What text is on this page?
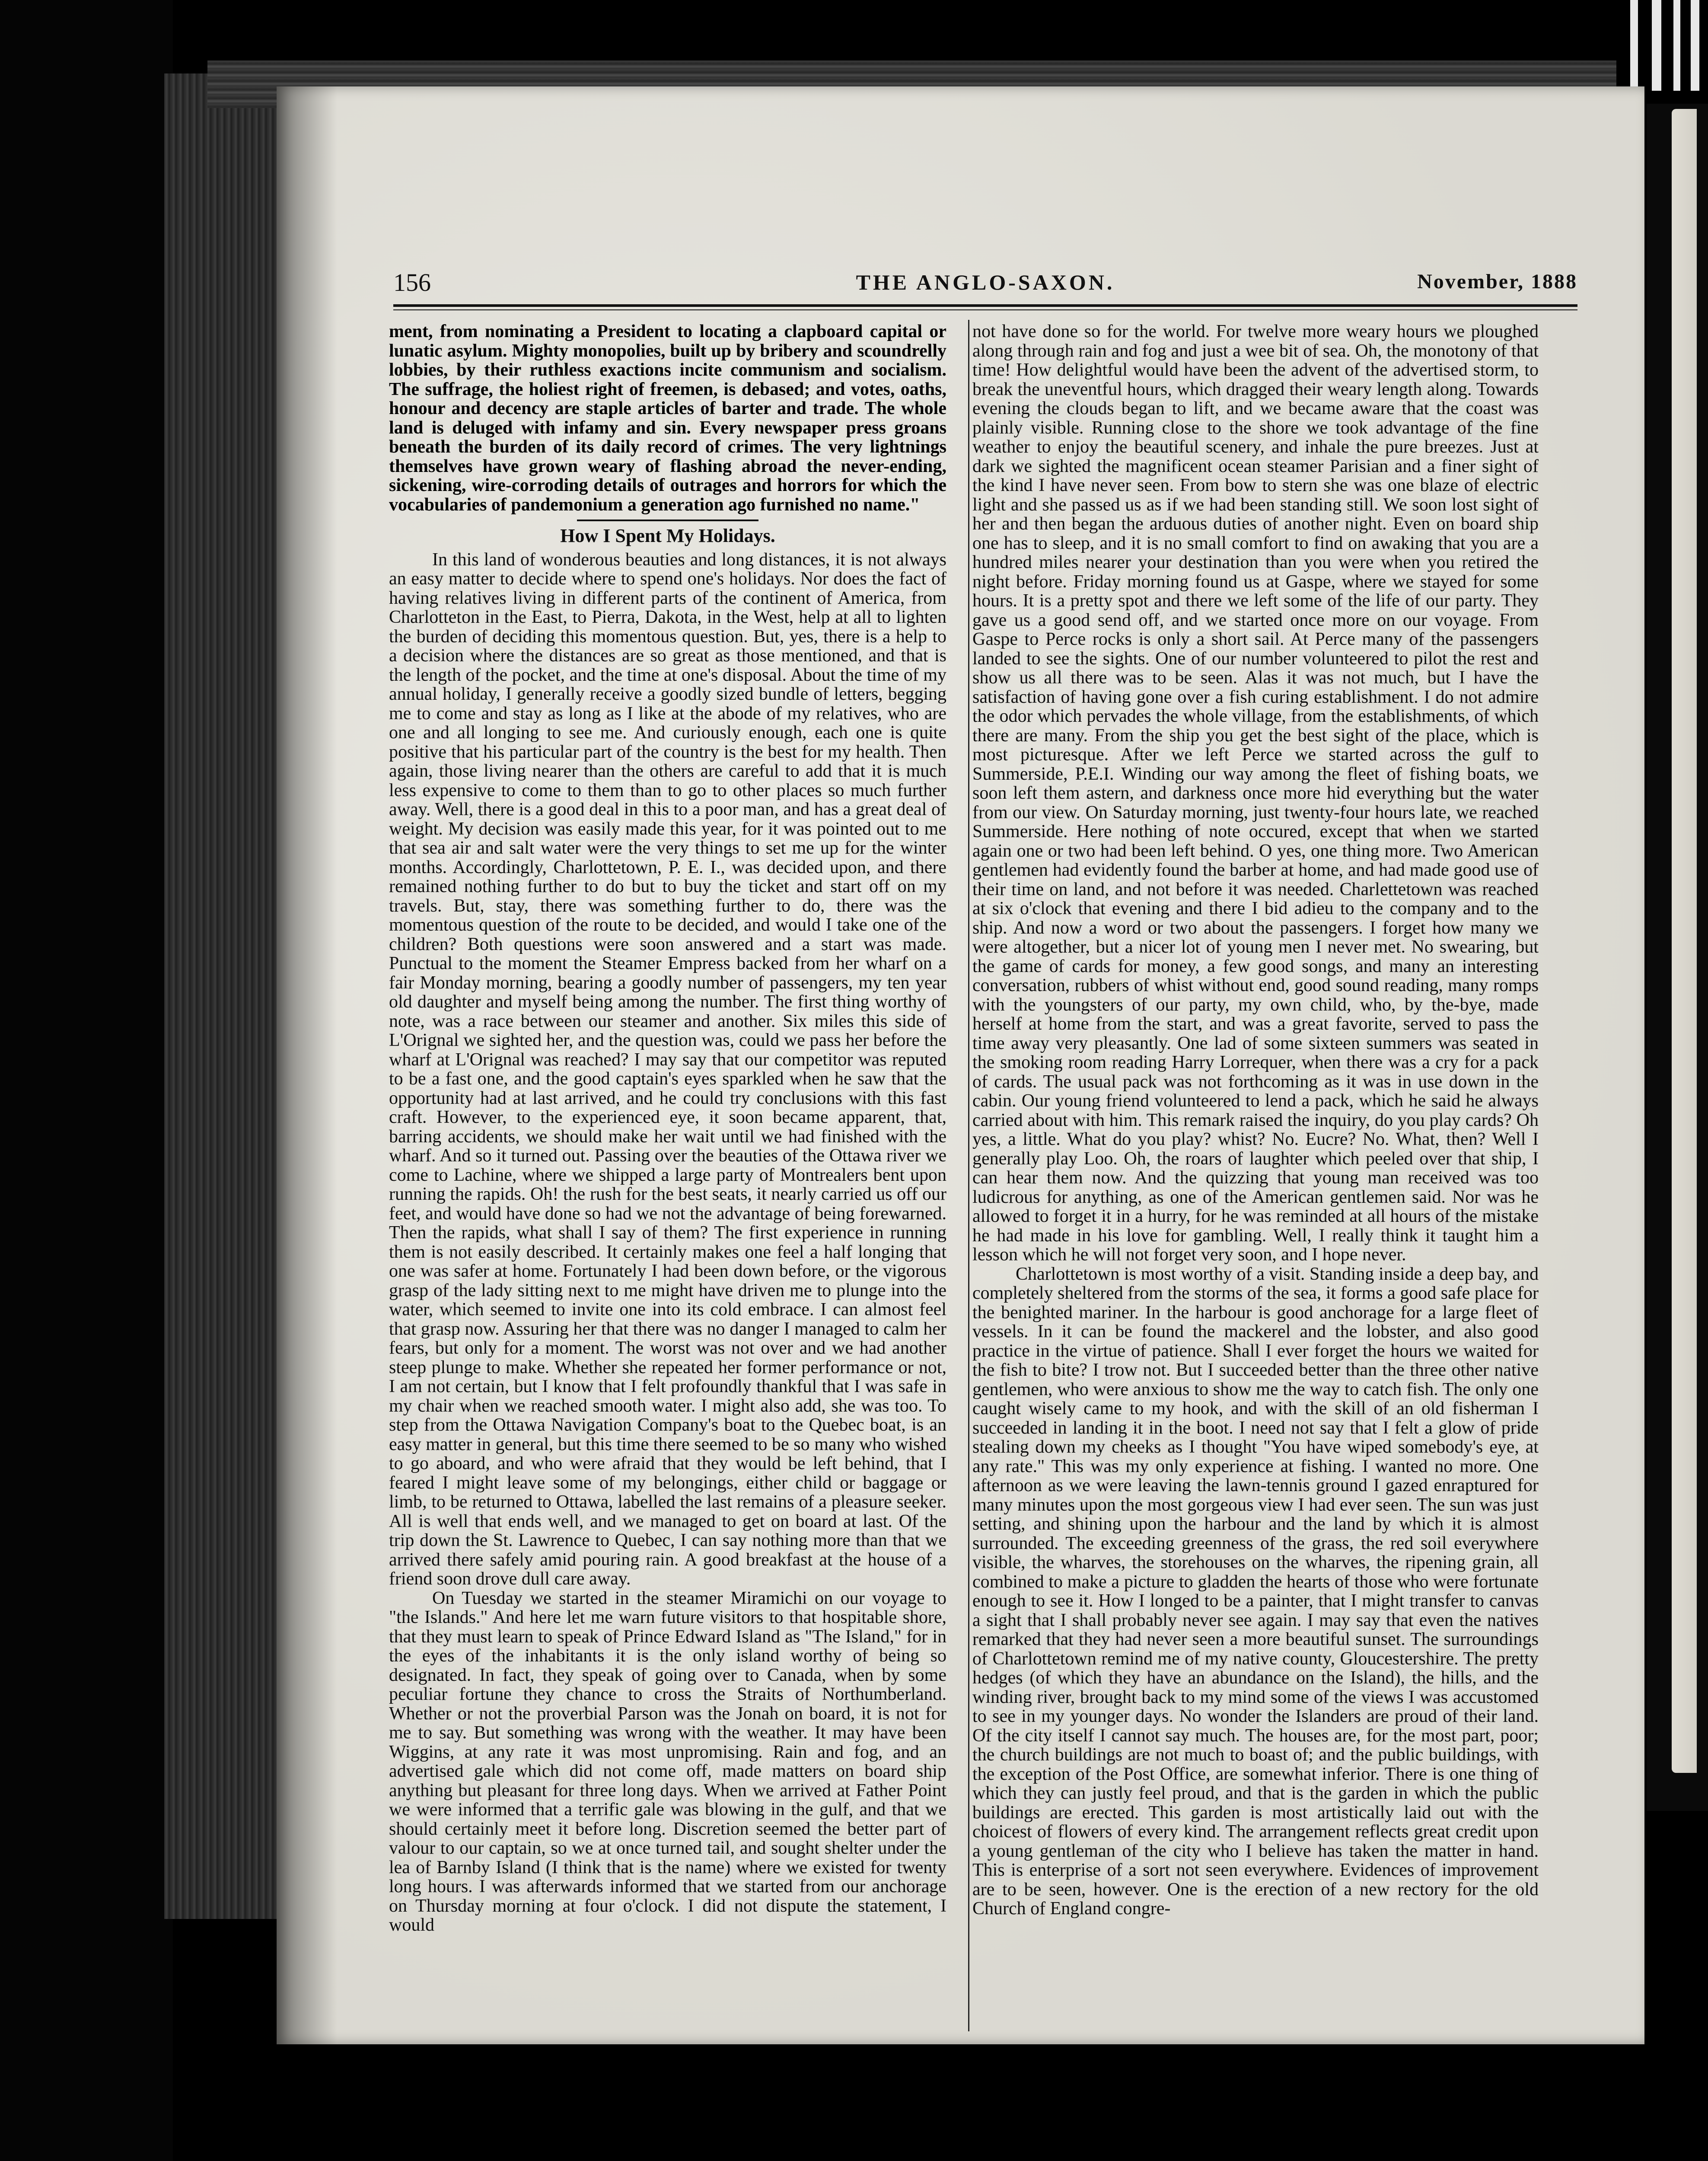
156	THE ANGLO-SAXON.	November, 1888

ment, from nominating a President to locating a clapboard capital or lunatic asylum. Mighty monopolies, built up by bribery and scoundrelly lobbies, by their ruthless exactions incite communism and socialism. The suffrage, the holiest right of freemen, is debased; and votes, oaths, honour and decency are staple articles of barter and trade. The whole land is deluged with infamy and sin. Every newspaper press groans beneath the burden of its daily record of crimes. The very lightnings themselves have grown weary of flashing abroad the never-ending, sickening, wire-corroding details of outrages and horrors for which the vocabularies of pandemonium a generation ago furnished no name."

How I Spent My Holidays.

In this land of wonderous beauties and long distances, it is not always an easy matter to decide where to spend one's holidays. Nor does the fact of having relatives living in different parts of the continent of America, from Charlotteton in the East, to Pierra, Dakota, in the West, help at all to lighten the burden of deciding this momentous question. But, yes, there is a help to a decision where the distances are so great as those mentioned, and that is the length of the pocket, and the time at one's disposal. About the time of my annual holiday, I generally receive a goodly sized bundle of letters, begging me to come and stay as long as I like at the abode of my relatives, who are one and all longing to see me. And curiously enough, each one is quite positive that his particular part of the country is the best for my health. Then again, those living nearer than the others are careful to add that it is much less expensive to come to them than to go to other places so much further away. Well, there is a good deal in this to a poor man, and has a great deal of weight. My decision was easily made this year, for it was pointed out to me that sea air and salt water were the very things to set me up for the winter months. Accordingly, Charlottetown, P. E. I., was decided upon, and there remained nothing further to do but to buy the ticket and start off on my travels. But, stay, there was something further to do, there was the momentous question of the route to be decided, and would I take one of the children? Both questions were soon answered and a start was made. Punctual to the moment the Steamer Empress backed from her wharf on a fair Monday morning, bearing a goodly number of passengers, my ten year old daughter and myself being among the number. The first thing worthy of note, was a race between our steamer and another. Six miles this side of L'Orignal we sighted her, and the question was, could we pass her before the wharf at L'Orignal was reached? I may say that our competitor was reputed to be a fast one, and the good captain's eyes sparkled when he saw that the opportunity had at last arrived, and he could try conclusions with this fast craft. However, to the experienced eye, it soon became apparent, that, barring accidents, we should make her wait until we had finished with the wharf. And so it turned out. Passing over the beauties of the Ottawa river we come to Lachine, where we shipped a large party of Montrealers bent upon running the rapids. Oh! the rush for the best seats, it nearly carried us off our feet, and would have done so had we not the advantage of being forewarned. Then the rapids, what shall I say of them? The first experience in running them is not easily described. It certainly makes one feel a half longing that one was safer at home. Fortunately I had been down before, or the vigorous grasp of the lady sitting next to me might have driven me to plunge into the water, which seemed to invite one into its cold embrace. I can almost feel that grasp now. Assuring her that there was no danger I managed to calm her fears, but only for a moment. The worst was not over and we had another steep plunge to make. Whether she repeated her former performance or not, I am not certain, but I know that I felt profoundly thankful that I was safe in my chair when we reached smooth water. I might also add, she was too. To step from the Ottawa Navigation Company's boat to the Quebec boat, is an easy matter in general, but this time there seemed to be so many who wished to go aboard, and who were afraid that they would be left behind, that I feared I might leave some of my belongings, either child or baggage or limb, to be returned to Ottawa, labelled the last remains of a pleasure seeker. All is well that ends well, and we managed to get on board at last. Of the trip down the St. Lawrence to Quebec, I can say nothing more than that we arrived there safely amid pouring rain. A good breakfast at the house of a friend soon drove dull care away.

On Tuesday we started in the steamer Miramichi on our voyage to "the Islands." And here let me warn future visitors to that hospitable shore, that they must learn to speak of Prince Edward Island as "The Island," for in the eyes of the inhabitants it is the only island worthy of being so designated. In fact, they speak of going over to Canada, when by some peculiar fortune they chance to cross the Straits of Northumberland. Whether or not the proverbial Parson was the Jonah on board, it is not for me to say. But something was wrong with the weather. It may have been Wiggins, at any rate it was most unpromising. Rain and fog, and an advertised gale which did not come off, made matters on board ship anything but pleasant for three long days. When we arrived at Father Point we were informed that a terrific gale was blowing in the gulf, and that we should certainly meet it before long. Discretion seemed the better part of valour to our captain, so we at once turned tail, and sought shelter under the lea of Barnby Island (I think that is the name) where we existed for twenty long hours. I was afterwards informed that we started from our anchorage on Thursday morning at four o'clock. I did not dispute the statement, I would

not have done so for the world. For twelve more weary hours we ploughed along through rain and fog and just a wee bit of sea. Oh, the monotony of that time! How delightful would have been the advent of the advertised storm, to break the uneventful hours, which dragged their weary length along. Towards evening the clouds began to lift, and we became aware that the coast was plainly visible. Running close to the shore we took advantage of the fine weather to enjoy the beautiful scenery, and inhale the pure breezes. Just at dark we sighted the magnificent ocean steamer Parisian and a finer sight of the kind I have never seen. From bow to stern she was one blaze of electric light and she passed us as if we had been standing still. We soon lost sight of her and then began the arduous duties of another night. Even on board ship one has to sleep, and it is no small comfort to find on awaking that you are a hundred miles nearer your destination than you were when you retired the night before. Friday morning found us at Gaspe, where we stayed for some hours. It is a pretty spot and there we left some of the life of our party. They gave us a good send off, and we started once more on our voyage. From Gaspe to Perce rocks is only a short sail. At Perce many of the passengers landed to see the sights. One of our number volunteered to pilot the rest and show us all there was to be seen. Alas it was not much, but I have the satisfaction of having gone over a fish curing establishment. I do not admire the odor which pervades the whole village, from the establishments, of which there are many. From the ship you get the best sight of the place, which is most picturesque. After we left Perce we started across the gulf to Summerside, P.E.I. Winding our way among the fleet of fishing boats, we soon left them astern, and darkness once more hid everything but the water from our view. On Saturday morning, just twenty-four hours late, we reached Summerside. Here nothing of note occured, except that when we started again one or two had been left behind. O yes, one thing more. Two American gentlemen had evidently found the barber at home, and had made good use of their time on land, and not before it was needed. Charlettetown was reached at six o'clock that evening and there I bid adieu to the company and to the ship. And now a word or two about the passengers. I forget how many we were altogether, but a nicer lot of young men I never met. No swearing, but the game of cards for money, a few good songs, and many an interesting conversation, rubbers of whist without end, good sound reading, many romps with the youngsters of our party, my own child, who, by the-bye, made herself at home from the start, and was a great favorite, served to pass the time away very pleasantly. One lad of some sixteen summers was seated in the smoking room reading Harry Lorrequer, when there was a cry for a pack of cards. The usual pack was not forthcoming as it was in use down in the cabin. Our young friend volunteered to lend a pack, which he said he always carried about with him. This remark raised the inquiry, do you play cards? Oh yes, a little. What do you play? whist? No. Eucre? No. What, then? Well I generally play Loo. Oh, the roars of laughter which peeled over that ship, I can hear them now. And the quizzing that young man received was too ludicrous for anything, as one of the American gentlemen said. Nor was he allowed to forget it in a hurry, for he was reminded at all hours of the mistake he had made in his love for gambling. Well, I really think it taught him a lesson which he will not forget very soon, and I hope never.

Charlottetown is most worthy of a visit. Standing inside a deep bay, and completely sheltered from the storms of the sea, it forms a good safe place for the benighted mariner. In the harbour is good anchorage for a large fleet of vessels. In it can be found the mackerel and the lobster, and also good practice in the virtue of patience. Shall I ever forget the hours we waited for the fish to bite? I trow not. But I succeeded better than the three other native gentlemen, who were anxious to show me the way to catch fish. The only one caught wisely came to my hook, and with the skill of an old fisherman I succeeded in landing it in the boot. I need not say that I felt a glow of pride stealing down my cheeks as I thought "You have wiped somebody's eye, at any rate." This was my only experience at fishing. I wanted no more. One afternoon as we were leaving the lawn-tennis ground I gazed enraptured for many minutes upon the most gorgeous view I had ever seen. The sun was just setting, and shining upon the harbour and the land by which it is almost surrounded. The exceeding greenness of the grass, the red soil everywhere visible, the wharves, the storehouses on the wharves, the ripening grain, all combined to make a picture to gladden the hearts of those who were fortunate enough to see it. How I longed to be a painter, that I might transfer to canvas a sight that I shall probably never see again. I may say that even the natives remarked that they had never seen a more beautiful sunset. The surroundings of Charlottetown remind me of my native county, Gloucestershire. The pretty hedges (of which they have an abundance on the Island), the hills, and the winding river, brought back to my mind some of the views I was accustomed to see in my younger days. No wonder the Islanders are proud of their land. Of the city itself I cannot say much. The houses are, for the most part, poor; the church buildings are not much to boast of; and the public buildings, with the exception of the Post Office, are somewhat inferior. There is one thing of which they can justly feel proud, and that is the garden in which the public buildings are erected. This garden is most artistically laid out with the choicest of flowers of every kind. The arrangement reflects great credit upon a young gentleman of the city who I believe has taken the matter in hand. This is enterprise of a sort not seen everywhere. Evidences of improvement are to be seen, however. One is the erection of a new rectory for the old Church of England congre-
